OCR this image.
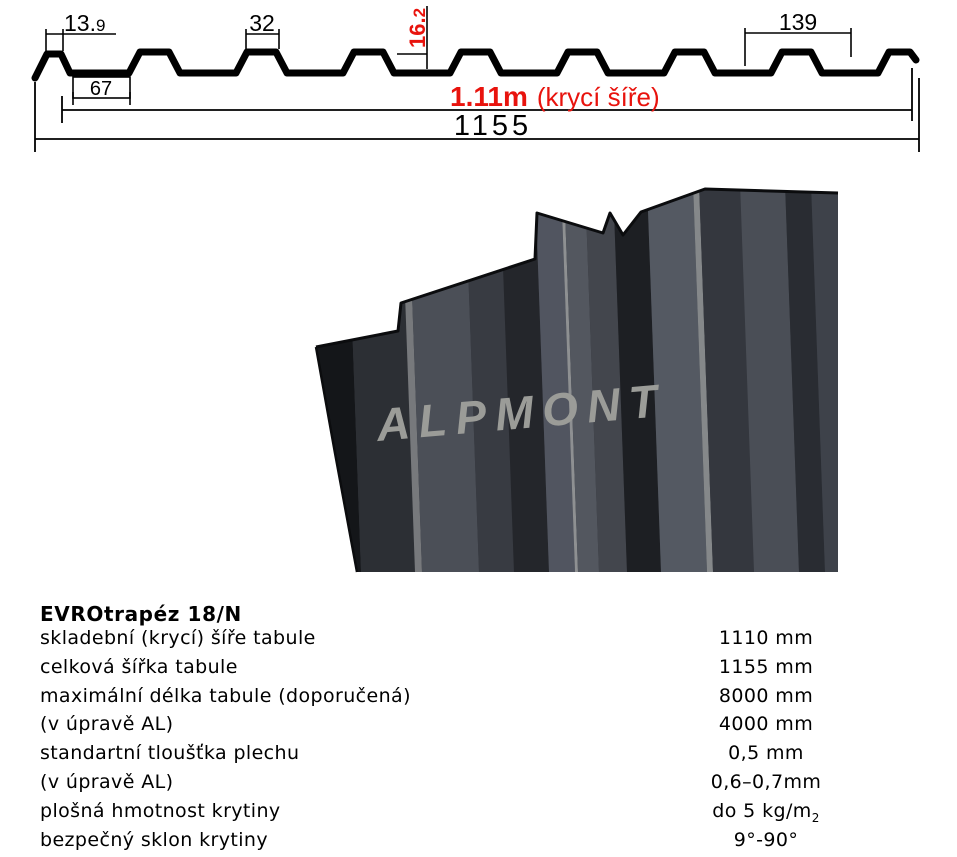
13.9
67
32	16.2	139
1.11m (krycí šíře)
1155
ALPMONT
EVROtrapéz 18/N
skladební (krycí) šíře tabule	1110 mm
celková šířka tabule	1155 mm
maximální délka tabule (doporučená)	8000 mm
(v úpravě AL)	4000 mm
standartní tloušťka plechu	0,5 mm
(v úpravě AL)	0,6–0,7mm
plošná hmotnost krytiny	do 5 $kg/m_2$
bezpečný sklon krytiny	9°-90°
